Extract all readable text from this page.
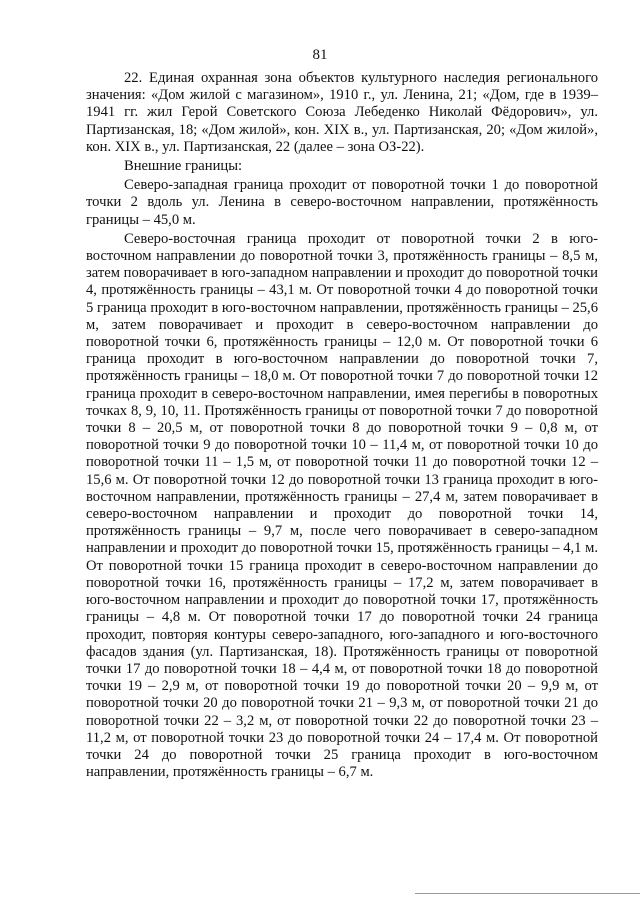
81

22. Единая охранная зона объектов культурного наследия регионального значения: «Дом жилой с магазином», 1910 г., ул. Ленина, 21; «Дом, где в 1939–1941 гг. жил Герой Советского Союза Лебеденко Николай Фёдорович», ул. Партизанская, 18; «Дом жилой», кон. XIX в., ул. Партизанская, 20; «Дом жилой», кон. XIX в., ул. Партизанская, 22 (далее – зона ОЗ-22).

Внешние границы:

Северо-западная граница проходит от поворотной точки 1 до поворотной точки 2 вдоль ул. Ленина в северо-восточном направлении, протяжённость границы – 45,0 м.

Северо-восточная граница проходит от поворотной точки 2 в юго-восточном направлении до поворотной точки 3, протяжённость границы – 8,5 м, затем поворачивает в юго-западном направлении и проходит до поворотной точки 4, протяжённость границы – 43,1 м. От поворотной точки 4 до поворотной точки 5 граница проходит в юго-восточном направлении, протяжённость границы – 25,6 м, затем поворачивает и проходит в северо-восточном направлении до поворотной точки 6, протяжённость границы – 12,0 м. От поворотной точки 6 граница проходит в юго-восточном направлении до поворотной точки 7, протяжённость границы – 18,0 м. От поворотной точки 7 до поворотной точки 12 граница проходит в северо-восточном направлении, имея перегибы в поворотных точках 8, 9, 10, 11. Протяжённость границы от поворотной точки 7 до поворотной точки 8 – 20,5 м, от поворотной точки 8 до поворотной точки 9 – 0,8 м, от поворотной точки 9 до поворотной точки 10 – 11,4 м, от поворотной точки 10 до поворотной точки 11 – 1,5 м, от поворотной точки 11 до поворотной точки 12 – 15,6 м. От поворотной точки 12 до поворотной точки 13 граница проходит в юго-восточном направлении, протяжённость границы – 27,4 м, затем поворачивает в северо-восточном направлении и проходит до поворотной точки 14, протяжённость границы – 9,7 м, после чего поворачивает в северо-западном направлении и проходит до поворотной точки 15, протяжённость границы – 4,1 м. От поворотной точки 15 граница проходит в северо-восточном направлении до поворотной точки 16, протяжённость границы – 17,2 м, затем поворачивает в юго-восточном направлении и проходит до поворотной точки 17, протяжённость границы – 4,8 м. От поворотной точки 17 до поворотной точки 24 граница проходит, повторяя контуры северо-западного, юго-западного и юго-восточного фасадов здания (ул. Партизанская, 18). Протяжённость границы от поворотной точки 17 до поворотной точки 18 – 4,4 м, от поворотной точки 18 до поворотной точки 19 – 2,9 м, от поворотной точки 19 до поворотной точки 20 – 9,9 м, от поворотной точки 20 до поворотной точки 21 – 9,3 м, от поворотной точки 21 до поворотной точки 22 – 3,2 м, от поворотной точки 22 до поворотной точки 23 – 11,2 м, от поворотной точки 23 до поворотной точки 24 – 17,4 м. От поворотной точки 24 до поворотной точки 25 граница проходит в юго-восточном направлении, протяжённость границы – 6,7 м.
